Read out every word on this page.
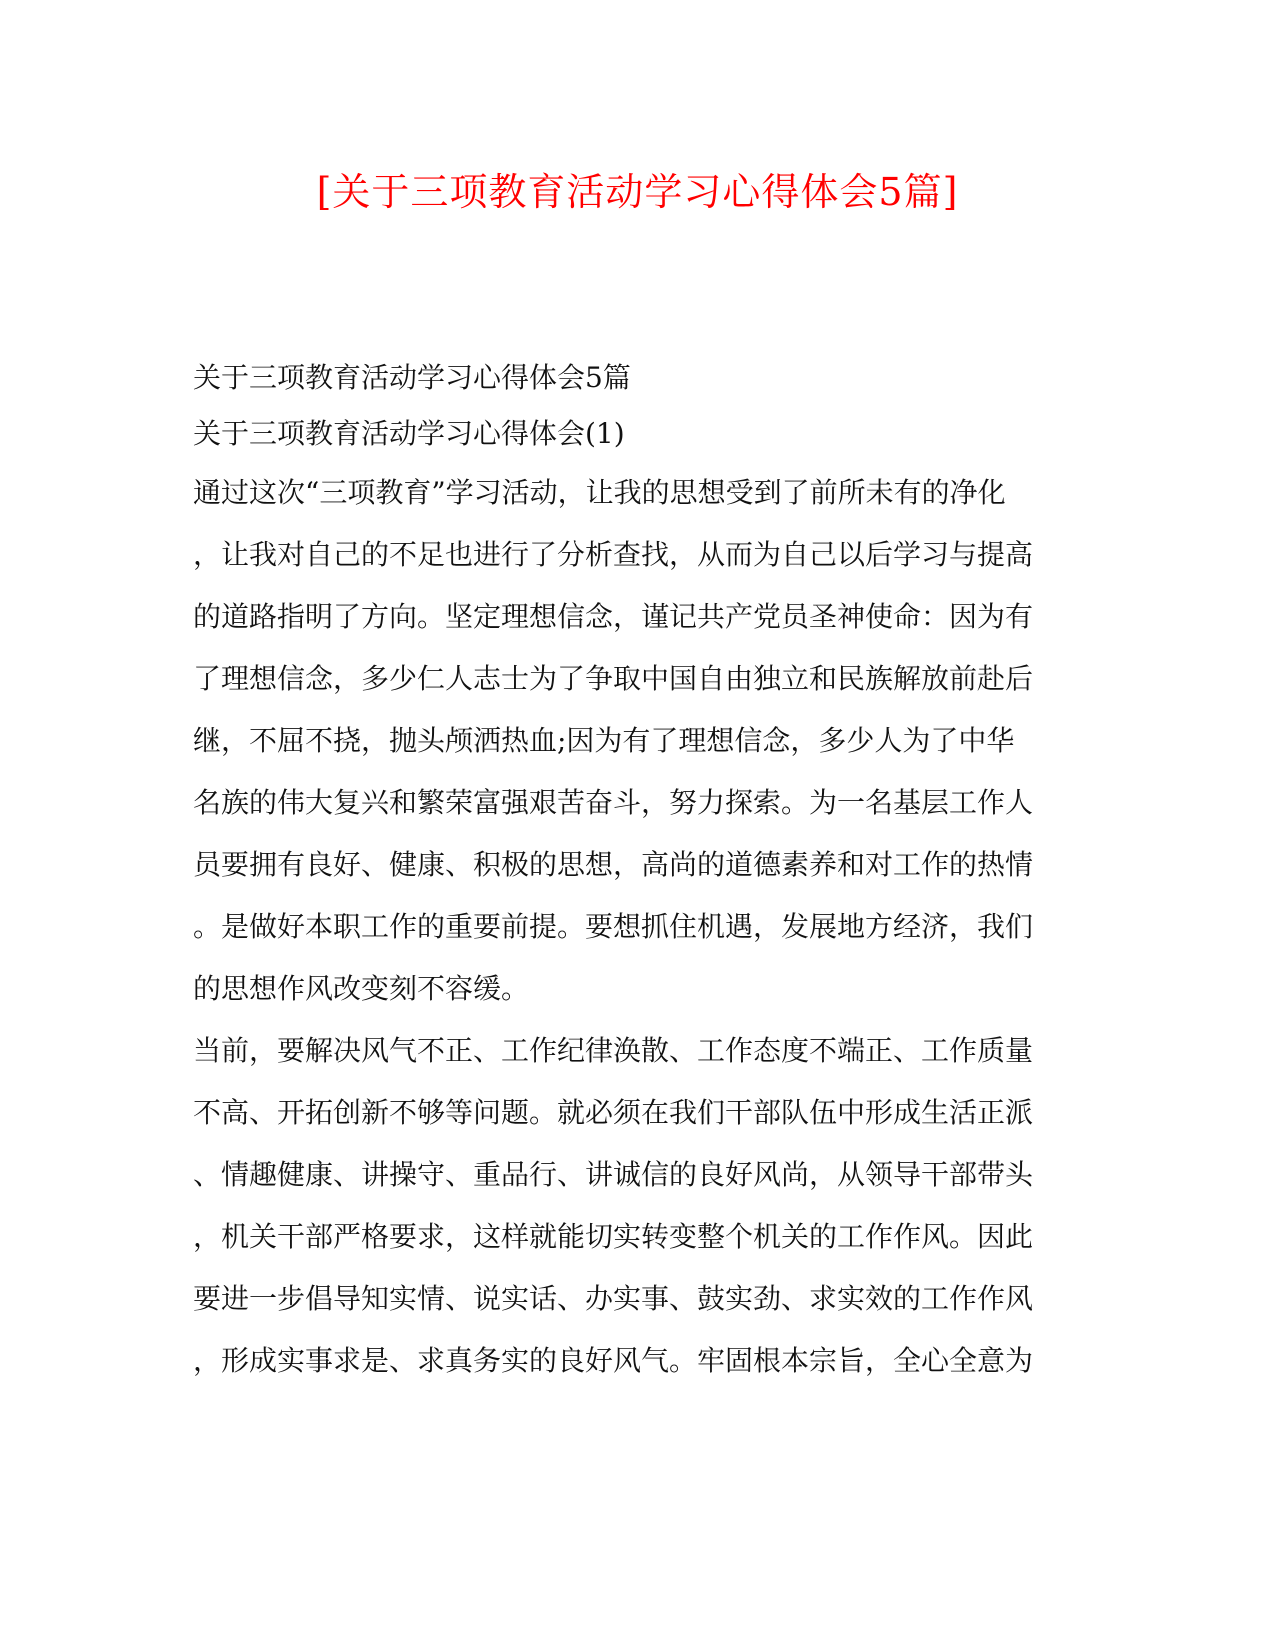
[关于三项教育活动学习心得体会5篇]

关于三项教育活动学习心得体会5篇

关于三项教育活动学习心得体会(1)

通过这次“三项教育”学习活动，让我的思想受到了前所未有的净化

，让我对自己的不足也进行了分析查找，从而为自己以后学习与提高

的道路指明了方向。坚定理想信念，谨记共产党员圣神使命：因为有

了理想信念，多少仁人志士为了争取中国自由独立和民族解放前赴后

继，不屈不挠，抛头颅洒热血;因为有了理想信念，多少人为了中华

名族的伟大复兴和繁荣富强艰苦奋斗，努力探索。为一名基层工作人

员要拥有良好、健康、积极的思想，高尚的道德素养和对工作的热情

。是做好本职工作的重要前提。要想抓住机遇，发展地方经济，我们

的思想作风改变刻不容缓。

当前，要解决风气不正、工作纪律涣散、工作态度不端正、工作质量

不高、开拓创新不够等问题。就必须在我们干部队伍中形成生活正派

、情趣健康、讲操守、重品行、讲诚信的良好风尚，从领导干部带头

，机关干部严格要求，这样就能切实转变整个机关的工作作风。因此

要进一步倡导知实情、说实话、办实事、鼓实劲、求实效的工作作风

，形成实事求是、求真务实的良好风气。牢固根本宗旨，全心全意为
